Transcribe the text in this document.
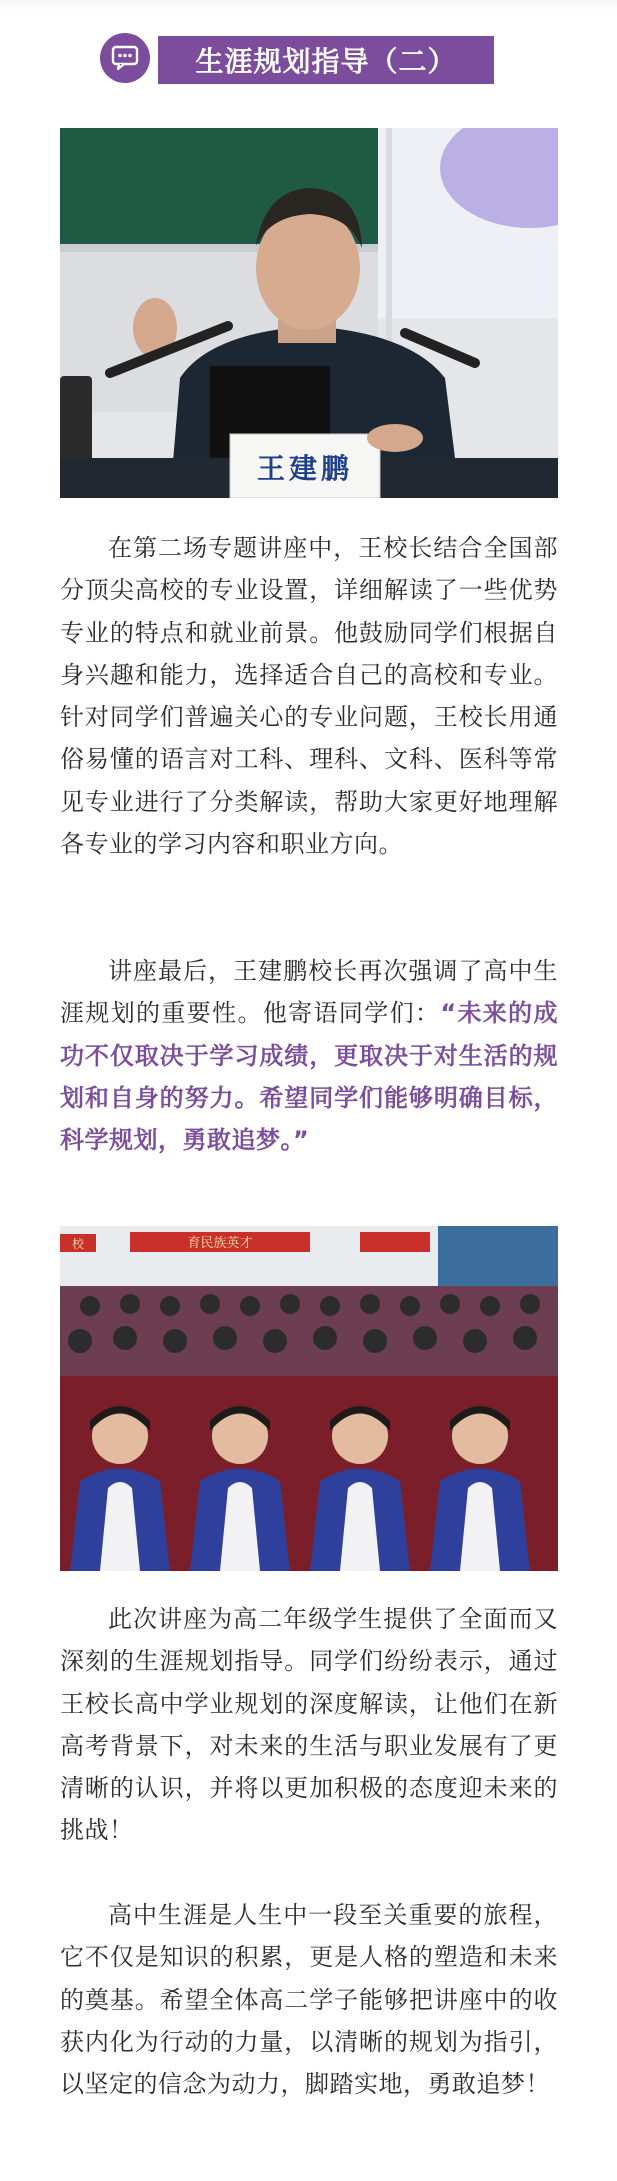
生涯规划指导（二）
王建鹏
在第二场专题讲座中，王校长结合全国部分顶尖高校的专业设置，详细解读了一些优势专业的特点和就业前景。他鼓励同学们根据自身兴趣和能力，选择适合自己的高校和专业。针对同学们普遍关心的专业问题，王校长用通俗易懂的语言对工科、理科、文科、医科等常见专业进行了分类解读，帮助大家更好地理解各专业的学习内容和职业方向。
讲座最后，王建鹏校长再次强调了高中生涯规划的重要性。他寄语同学们：“未来的成功不仅取决于学习成绩，更取决于对生活的规划和自身的努力。希望同学们能够明确目标，科学规划，勇敢追梦。”
校	育民族英才
此次讲座为高二年级学生提供了全面而又深刻的生涯规划指导。同学们纷纷表示，通过王校长高中学业规划的深度解读，让他们在新高考背景下，对未来的生活与职业发展有了更清晰的认识，并将以更加积极的态度迎未来的挑战！
高中生涯是人生中一段至关重要的旅程，它不仅是知识的积累，更是人格的塑造和未来的奠基。希望全体高二学子能够把讲座中的收获内化为行动的力量，以清晰的规划为指引，以坚定的信念为动力，脚踏实地，勇敢追梦！
